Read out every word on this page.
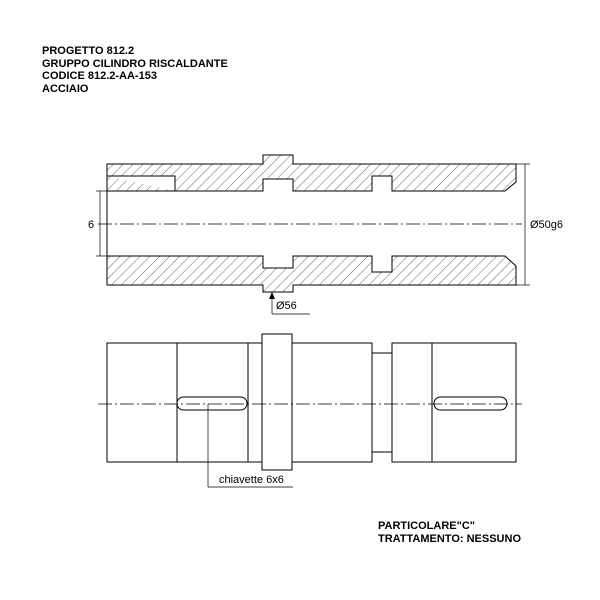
PROGETTO 812.2
GRUPPO CILINDRO RISCALDANTE
CODICE 812.2-AA-153
ACCIAIO
6	Ø50g6
Ø56
chiavette 6x6
PARTICOLARE"C"
TRATTAMENTO: NESSUNO
